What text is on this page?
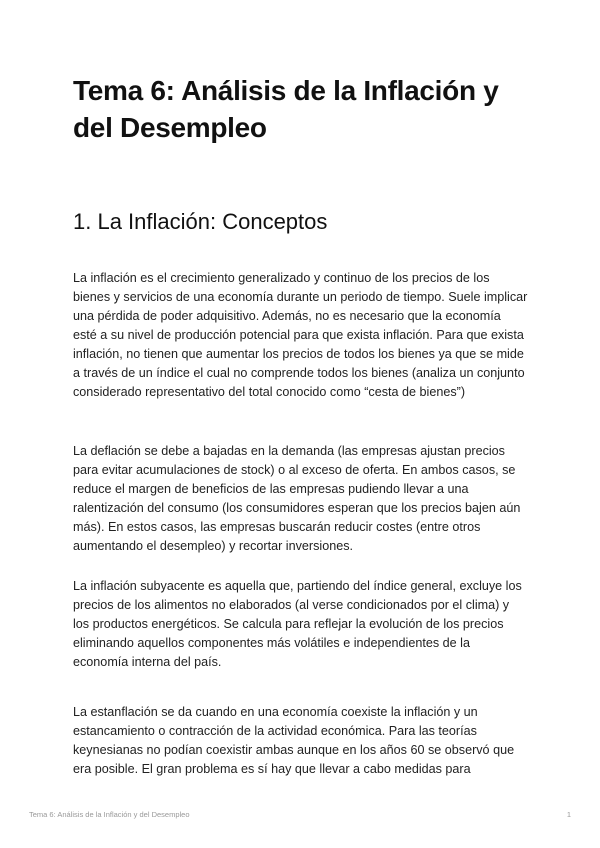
Tema 6: Análisis de la Inflación y del Desempleo
1. La Inflación: Conceptos

La inflación es el crecimiento generalizado y continuo de los precios de los bienes y servicios de una economía durante un periodo de tiempo. Suele implicar una pérdida de poder adquisitivo. Además, no es necesario que la economía esté a su nivel de producción potencial para que exista inflación. Para que exista inflación, no tienen que aumentar los precios de todos los bienes ya que se mide a través de un índice el cual no comprende todos los bienes (analiza un conjunto considerado representativo del total conocido como “cesta de bienes”)

La deflación se debe a bajadas en la demanda (las empresas ajustan precios para evitar acumulaciones de stock) o al exceso de oferta. En ambos casos, se reduce el margen de beneficios de las empresas pudiendo llevar a una ralentización del consumo (los consumidores esperan que los precios bajen aún más). En estos casos, las empresas buscarán reducir costes (entre otros aumentando el desempleo) y recortar inversiones.

La inflación subyacente es aquella que, partiendo del índice general, excluye los precios de los alimentos no elaborados (al verse condicionados por el clima) y los productos energéticos. Se calcula para reflejar la evolución de los precios eliminando aquellos componentes más volátiles e independientes de la economía interna del país.

La estanflación se da cuando en una economía coexiste la inflación y un estancamiento o contracción de la actividad económica. Para las teorías keynesianas no podían coexistir ambas aunque en los años 60 se observó que era posible. El gran problema es sí hay que llevar a cabo medidas para

Tema 6: Análisis de la Inflación y del Desempleo	1
